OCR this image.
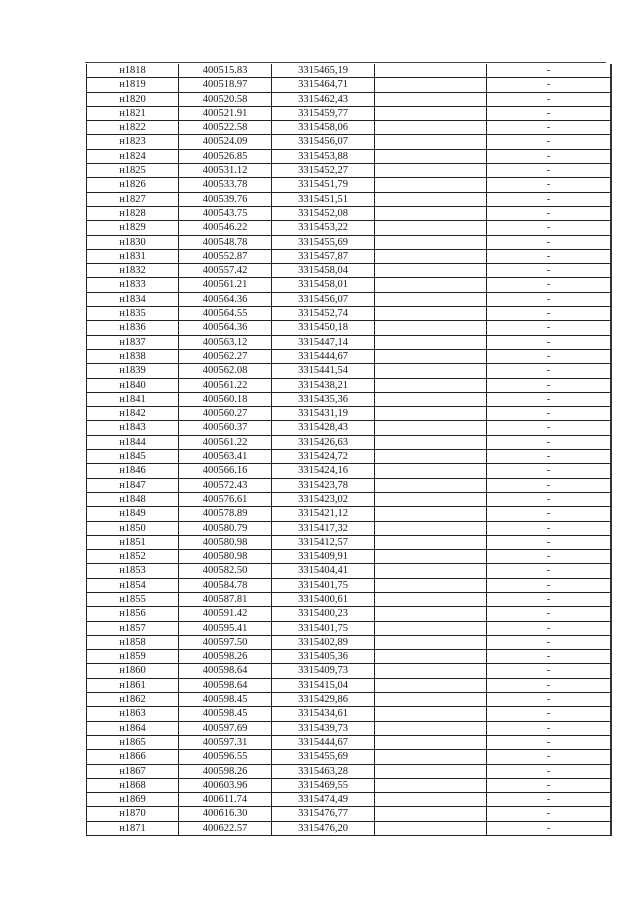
н1818	400515.83	3315465,19		-
н1819	400518.97	3315464,71		-
н1820	400520.58	3315462,43		-
н1821	400521.91	3315459,77		-
н1822	400522.58	3315458,06		-
н1823	400524.09	3315456,07		-
н1824	400526.85	3315453,88		-
н1825	400531.12	3315452,27		-
н1826	400533.78	3315451,79		-
н1827	400539.76	3315451,51		-
н1828	400543.75	3315452,08		-
н1829	400546.22	3315453,22		-
н1830	400548.78	3315455,69		-
н1831	400552.87	3315457,87		-
н1832	400557.42	3315458,04		-
н1833	400561.21	3315458,01		-
н1834	400564.36	3315456,07		-
н1835	400564.55	3315452,74		-
н1836	400564.36	3315450,18		-
н1837	400563.12	3315447,14		-
н1838	400562.27	3315444,67		-
н1839	400562.08	3315441,54		-
н1840	400561.22	3315438,21		-
н1841	400560.18	3315435,36		-
н1842	400560.27	3315431,19		-
н1843	400560.37	3315428,43		-
н1844	400561.22	3315426,63		-
н1845	400563.41	3315424,72		-
н1846	400566.16	3315424,16		-
н1847	400572.43	3315423,78		-
н1848	400576.61	3315423,02		-
н1849	400578.89	3315421,12		-
н1850	400580.79	3315417,32		-
н1851	400580.98	3315412,57		-
н1852	400580.98	3315409,91		-
н1853	400582.50	3315404,41		-
н1854	400584.78	3315401,75		-
н1855	400587.81	3315400,61		-
н1856	400591.42	3315400,23		-
н1857	400595.41	3315401,75		-
н1858	400597.50	3315402,89		-
н1859	400598.26	3315405,36		-
н1860	400598.64	3315409,73		-
н1861	400598.64	3315415,04		-
н1862	400598.45	3315429,86		-
н1863	400598.45	3315434,61		-
н1864	400597.69	3315439,73		-
н1865	400597.31	3315444,67		-
н1866	400596.55	3315455,69		-
н1867	400598.26	3315463,28		-
н1868	400603.96	3315469,55		-
н1869	400611.74	3315474,49		-
н1870	400616.30	3315476,77		-
н1871	400622.57	3315476,20		-
